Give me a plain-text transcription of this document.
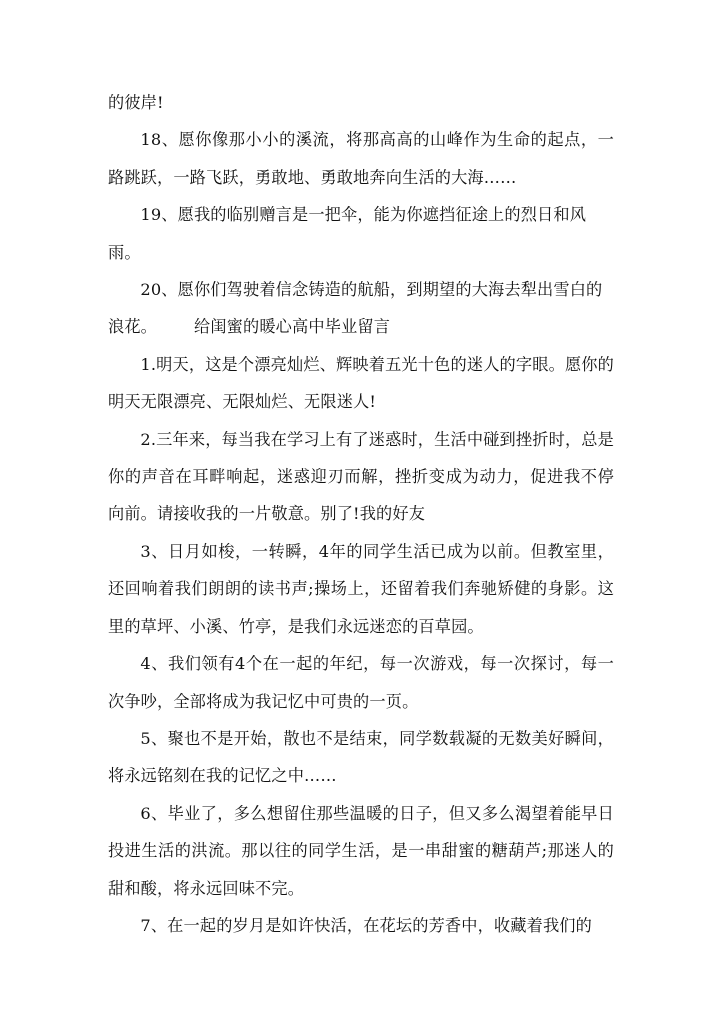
的彼岸!

18、愿你像那小小的溪流，将那高高的山峰作为生命的起点，一路跳跃，一路飞跃，勇敢地、勇敢地奔向生活的大海……

19、愿我的临别赠言是一把伞，能为你遮挡征途上的烈日和风雨。

20、愿你们驾驶着信念铸造的航船，到期望的大海去犁出雪白的

浪花。 给闺蜜的暖心高中毕业留言

1.明天，这是个漂亮灿烂、辉映着五光十色的迷人的字眼。愿你的明天无限漂亮、无限灿烂、无限迷人!

2.三年来，每当我在学习上有了迷惑时，生活中碰到挫折时，总是你的声音在耳畔响起，迷惑迎刃而解，挫折变成为动力，促进我不停向前。请接收我的一片敬意。别了!我的好友

3、日月如梭，一转瞬，4年的同学生活已成为以前。但教室里，还回响着我们朗朗的读书声;操场上，还留着我们奔驰矫健的身影。这里的草坪、小溪、竹亭，是我们永远迷恋的百草园。

4、我们领有4个在一起的年纪，每一次游戏，每一次探讨，每一次争吵，全部将成为我记忆中可贵的一页。

5、聚也不是开始，散也不是结束，同学数载凝的无数美好瞬间，将永远铭刻在我的记忆之中……

6、毕业了，多么想留住那些温暖的日子，但又多么渴望着能早日投进生活的洪流。那以往的同学生活，是一串甜蜜的糖葫芦;那迷人的甜和酸，将永远回味不完。

7、在一起的岁月是如许快活，在花坛的芳香中，收藏着我们的
